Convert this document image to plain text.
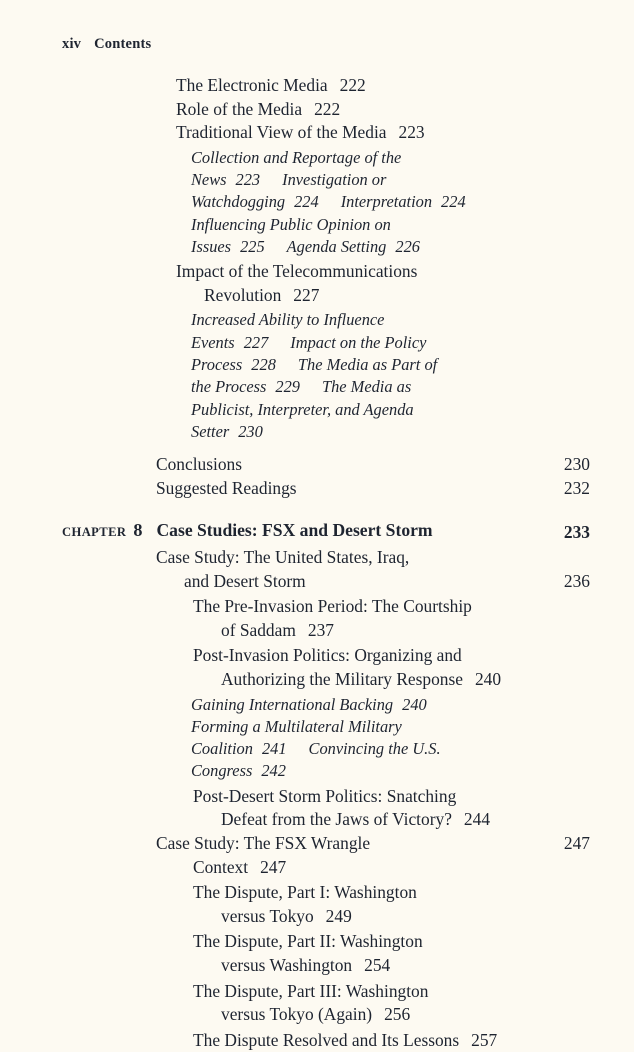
xiv Contents
The Electronic Media 222
Role of the Media 222
Traditional View of the Media 223
Collection and Reportage of the
News 223 Investigation or
Watchdogging 224 Interpretation 224
Influencing Public Opinion on
Issues 225 Agenda Setting 226
Impact of the Telecommunications
Revolution 227
Increased Ability to Influence
Events 227 Impact on the Policy
Process 228 The Media as Part of
the Process 229 The Media as
Publicist, Interpreter, and Agenda
Setter 230
Conclusions	230
Suggested Readings	232
CHAPTER 8 Case Studies: FSX and Desert Storm	233
Case Study: The United States, Iraq,
and Desert Storm	236
The Pre-Invasion Period: The Courtship
of Saddam 237
Post-Invasion Politics: Organizing and
Authorizing the Military Response 240
Gaining International Backing 240
Forming a Multilateral Military
Coalition 241 Convincing the U.S.
Congress 242
Post-Desert Storm Politics: Snatching
Defeat from the Jaws of Victory? 244
Case Study: The FSX Wrangle	247
Context 247
The Dispute, Part I: Washington
versus Tokyo 249
The Dispute, Part II: Washington
versus Washington 254
The Dispute, Part III: Washington
versus Tokyo (Again) 256
The Dispute Resolved and Its Lessons 257
